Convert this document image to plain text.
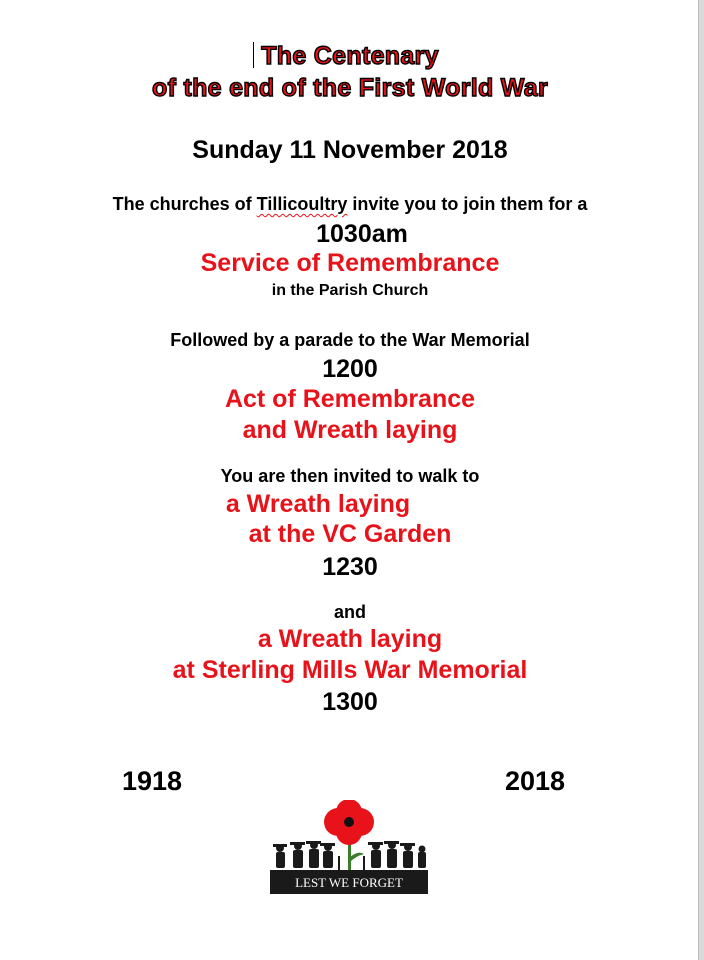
The Centenary
of the end of the First World War
Sunday 11 November 2018
The churches of Tillicoultry invite you to join them for a
1030am
Service of Remembrance
in the Parish Church
Followed by a parade to the War Memorial
1200
Act of Remembrance
and Wreath laying
You are then invited to walk to
a Wreath laying
at the VC Garden
1230
and
a Wreath laying
at Sterling Mills War Memorial
1300
1918	2018
LEST WE FORGET
